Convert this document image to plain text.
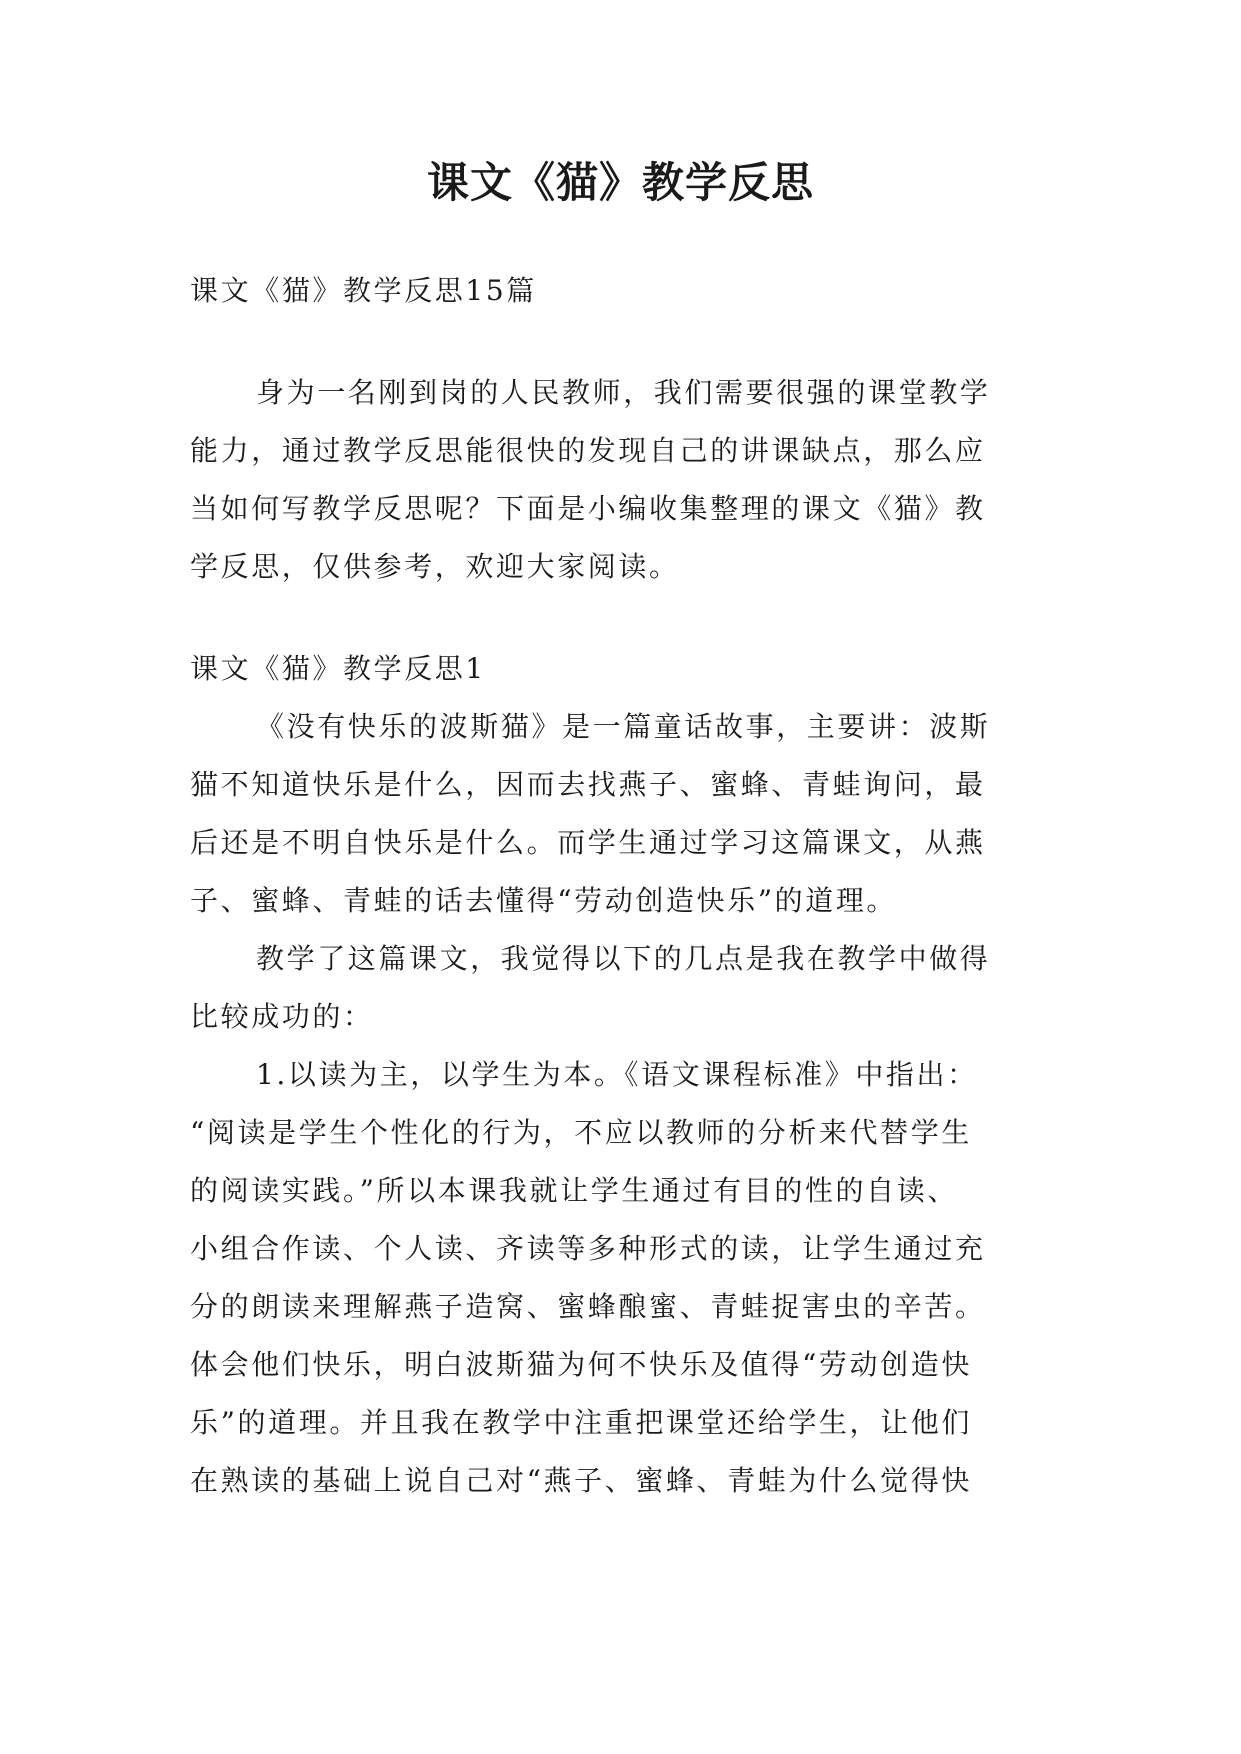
课文《猫》教学反思
课文《猫》教学反思15篇
身为一名刚到岗的人民教师，我们需要很强的课堂教学
能力，通过教学反思能很快的发现自己的讲课缺点，那么应
当如何写教学反思呢？下面是小编收集整理的课文《猫》教
学反思，仅供参考，欢迎大家阅读。
课文《猫》教学反思1
《没有快乐的波斯猫》是一篇童话故事，主要讲：波斯
猫不知道快乐是什么，因而去找燕子、蜜蜂、青蛙询问，最
后还是不明自快乐是什么。而学生通过学习这篇课文，从燕
子、蜜蜂、青蛙的话去懂得“劳动创造快乐”的道理。
教学了这篇课文，我觉得以下的几点是我在教学中做得
比较成功的：
1.以读为主，以学生为本。《语文课程标准》中指出：
“阅读是学生个性化的行为，不应以教师的分析来代替学生
的阅读实践。”所以本课我就让学生通过有目的性的自读、
小组合作读、个人读、齐读等多种形式的读，让学生通过充
分的朗读来理解燕子造窝、蜜蜂酿蜜、青蛙捉害虫的辛苦。
体会他们快乐，明白波斯猫为何不快乐及值得“劳动创造快
乐”的道理。并且我在教学中注重把课堂还给学生，让他们
在熟读的基础上说自己对“燕子、蜜蜂、青蛙为什么觉得快
